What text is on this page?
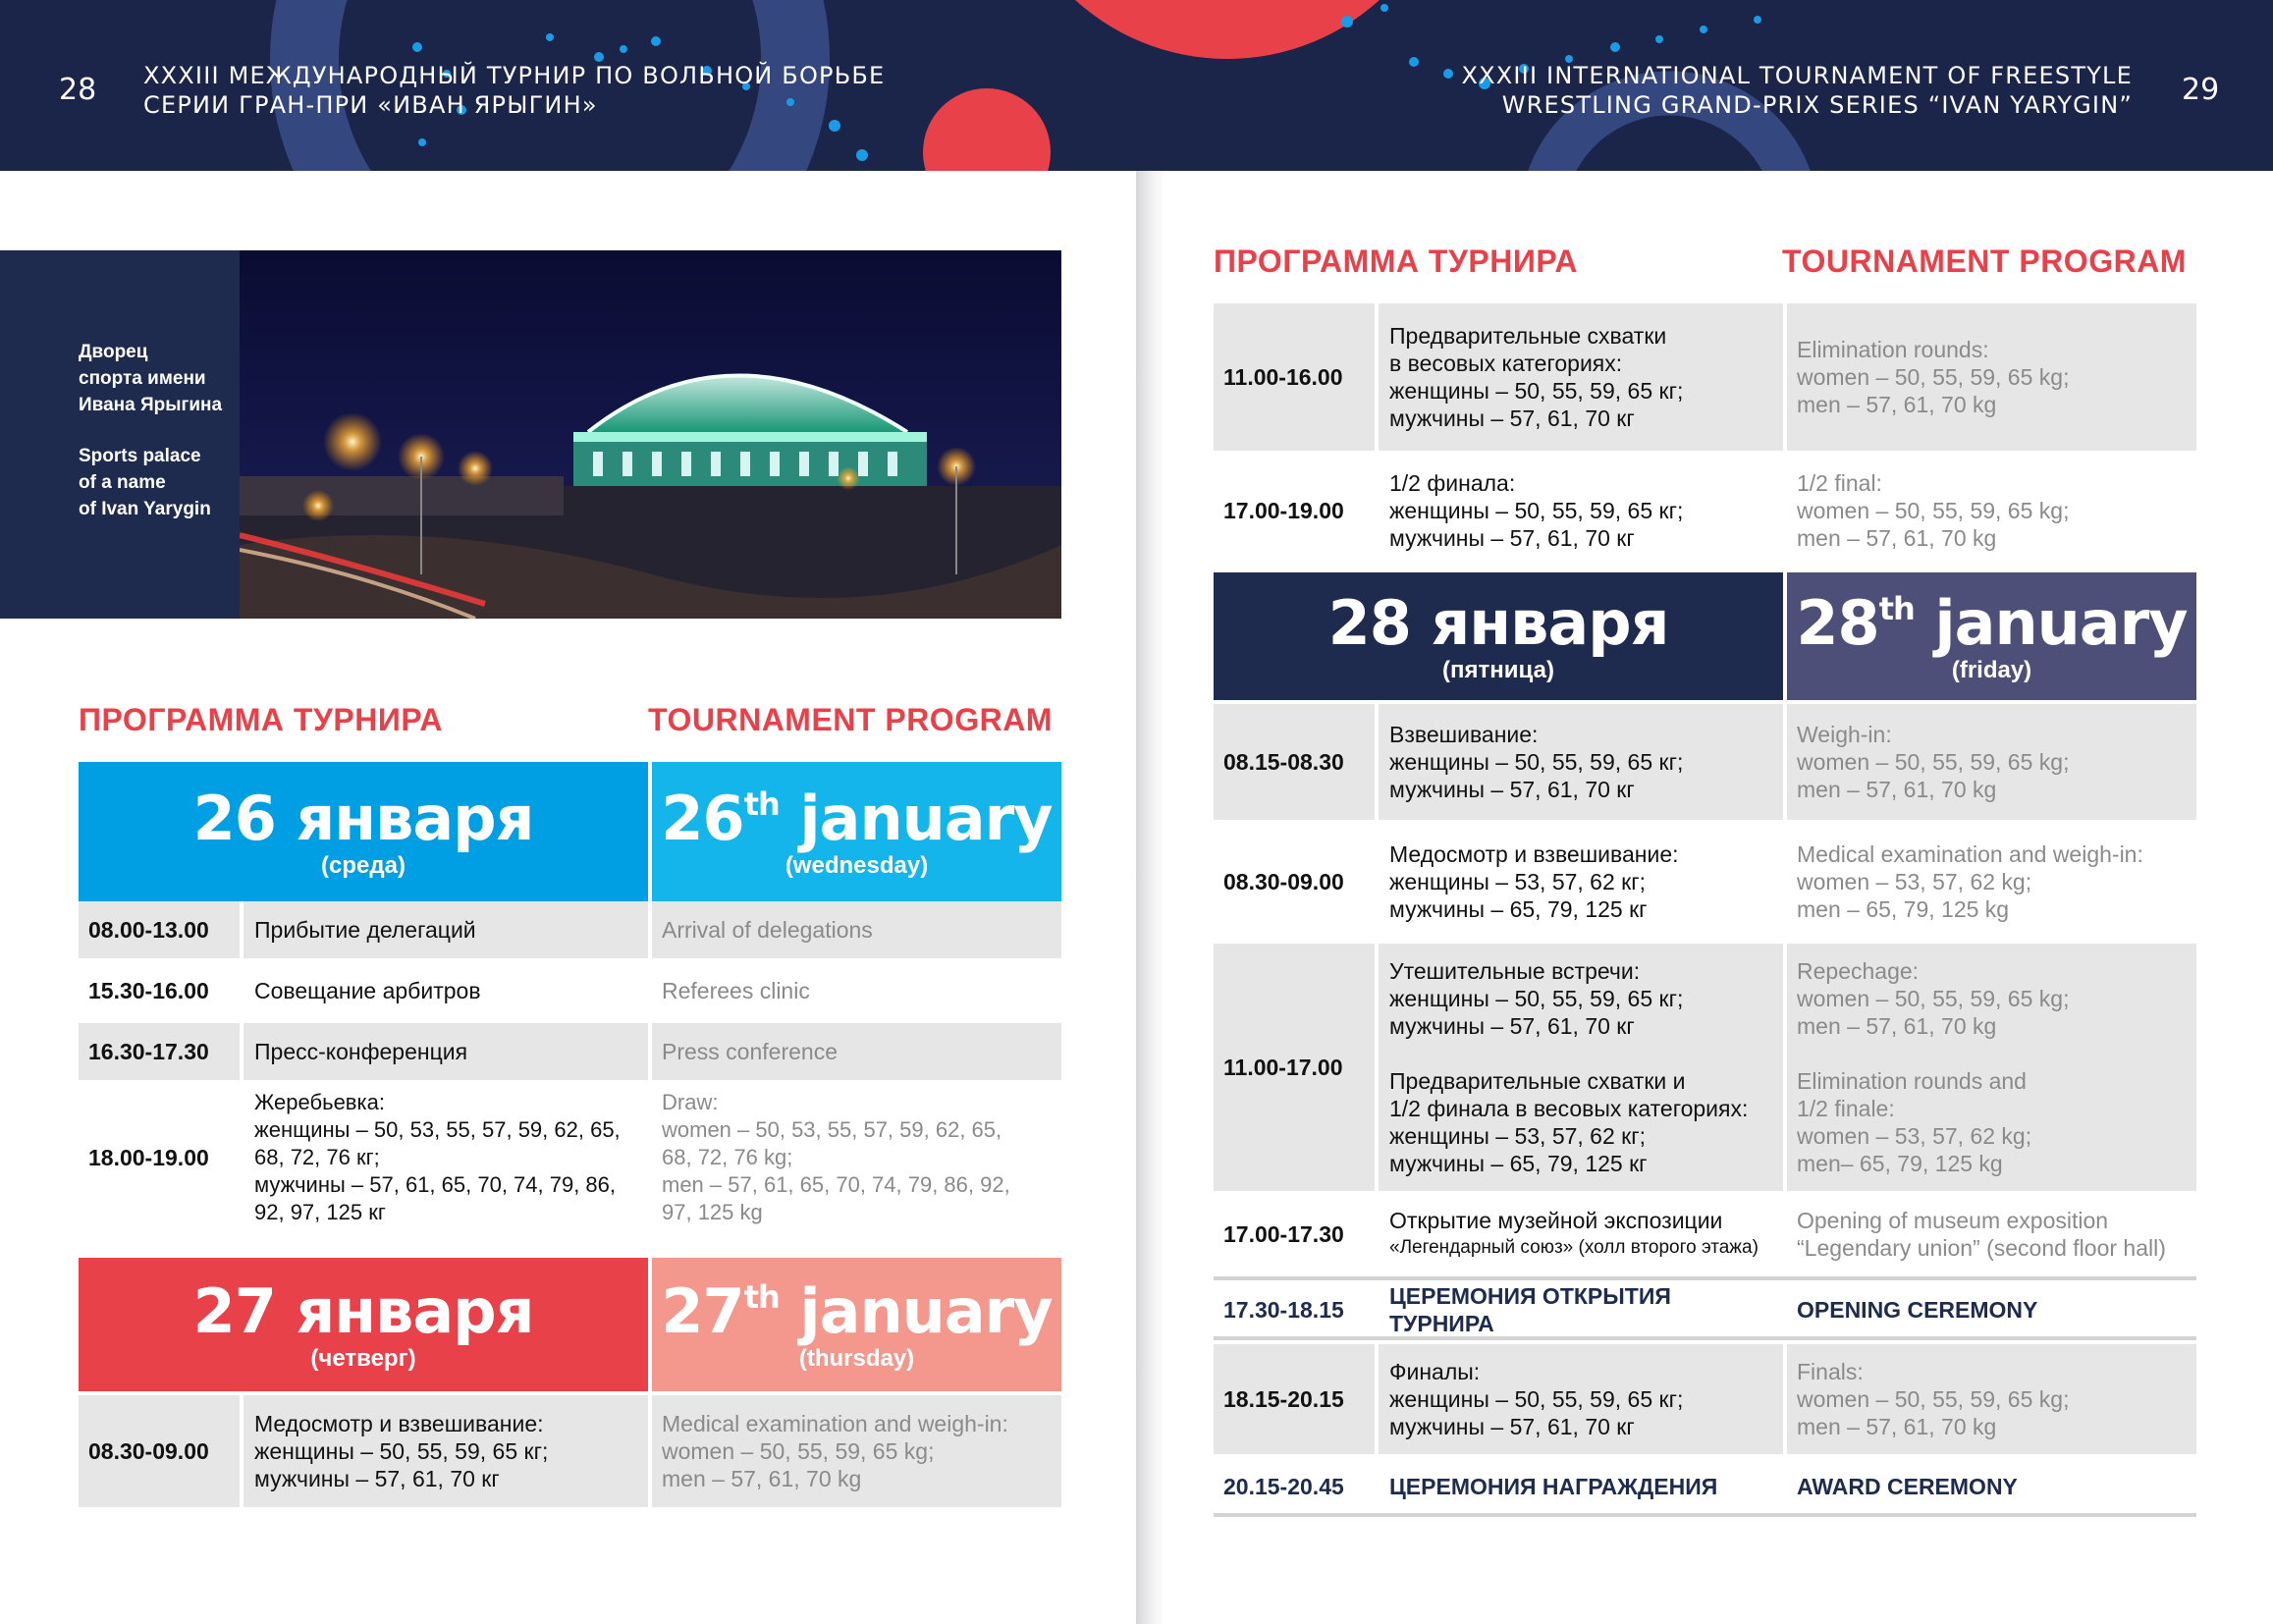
28 XXXIII МЕЖДУНАРОДНЫЙ ТУРНИР ПО ВОЛЬНОЙ БОРЬБЕ
СЕРИИ ГРАН-ПРИ «ИВАН ЯРЫГИН»
XXXIII INTERNATIONAL TOURNAMENT OF FREESTYLE
WRESTLING GRAND-PRIX SERIES “IVAN YARYGIN” 29
Дворец
спорта имени
Ивана Ярыгина
Sports palace
of a name
of Ivan Yarygin
ПРОГРАММА ТУРНИРА	TOURNAMENT PROGRAM
26 января
(среда)
26th january
(wednesday)
08.00-13.00	Прибытие делегаций	Arrival of delegations
15.30-16.00	Совещание арбитров	Referees clinic
16.30-17.30	Пресс-конференция	Press conference
18.00-19.00
Жеребьевка:
женщины – 50, 53, 55, 57, 59, 62, 65,
68, 72, 76 кг;
мужчины – 57, 61, 65, 70, 74, 79, 86,
92, 97, 125 кг
Draw:
women – 50, 53, 55, 57, 59, 62, 65,
68, 72, 76 kg;
men – 57, 61, 65, 70, 74, 79, 86, 92,
97, 125 kg
27 января
(четверг)
27th january
(thursday)
08.30-09.00
Медосмотр и взвешивание:
женщины – 50, 55, 59, 65 кг;
мужчины – 57, 61, 70 кг
Medical examination and weigh-in:
women – 50, 55, 59, 65 kg;
men – 57, 61, 70 kg
ПРОГРАММА ТУРНИРА	TOURNAMENT PROGRAM
11.00-16.00
Предварительные схватки
в весовых категориях:
женщины – 50, 55, 59, 65 кг;
мужчины – 57, 61, 70 кг
Elimination rounds:
women – 50, 55, 59, 65 kg;
men – 57, 61, 70 kg
17.00-19.00
1/2 финала:
женщины – 50, 55, 59, 65 кг;
мужчины – 57, 61, 70 кг
1/2 final:
women – 50, 55, 59, 65 kg;
men – 57, 61, 70 kg
28 января
(пятница)
28th january
(friday)
08.15-08.30
Взвешивание:
женщины – 50, 55, 59, 65 кг;
мужчины – 57, 61, 70 кг
Weigh-in:
women – 50, 55, 59, 65 kg;
men – 57, 61, 70 kg
08.30-09.00
Медосмотр и взвешивание:
женщины – 53, 57, 62 кг;
мужчины – 65, 79, 125 кг
Medical examination and weigh-in:
women – 53, 57, 62 kg;
men – 65, 79, 125 kg
11.00-17.00
Утешительные встречи:
женщины – 50, 55, 59, 65 кг;
мужчины – 57, 61, 70 кг

Предварительные схватки и
1/2 финала в весовых категориях:
женщины – 53, 57, 62 кг;
мужчины – 65, 79, 125 кг
Repechage:
women – 50, 55, 59, 65 kg;
men – 57, 61, 70 kg

Elimination rounds and
1/2 finale:
women – 53, 57, 62 kg;
men– 65, 79, 125 kg
17.00-17.30
Открытие музейной экспозиции
«Легендарный союз» (холл второго этажа)
Opening of museum exposition
“Legendary union” (second floor hall)
17.30-18.15
ЦЕРЕМОНИЯ ОТКРЫТИЯ ТУРНИРА
OPENING CEREMONY
18.15-20.15
Финалы:
женщины – 50, 55, 59, 65 кг;
мужчины – 57, 61, 70 кг
Finals:
women – 50, 55, 59, 65 kg;
men – 57, 61, 70 kg
20.15-20.45	ЦЕРЕМОНИЯ НАГРАЖДЕНИЯ	AWARD CEREMONY
